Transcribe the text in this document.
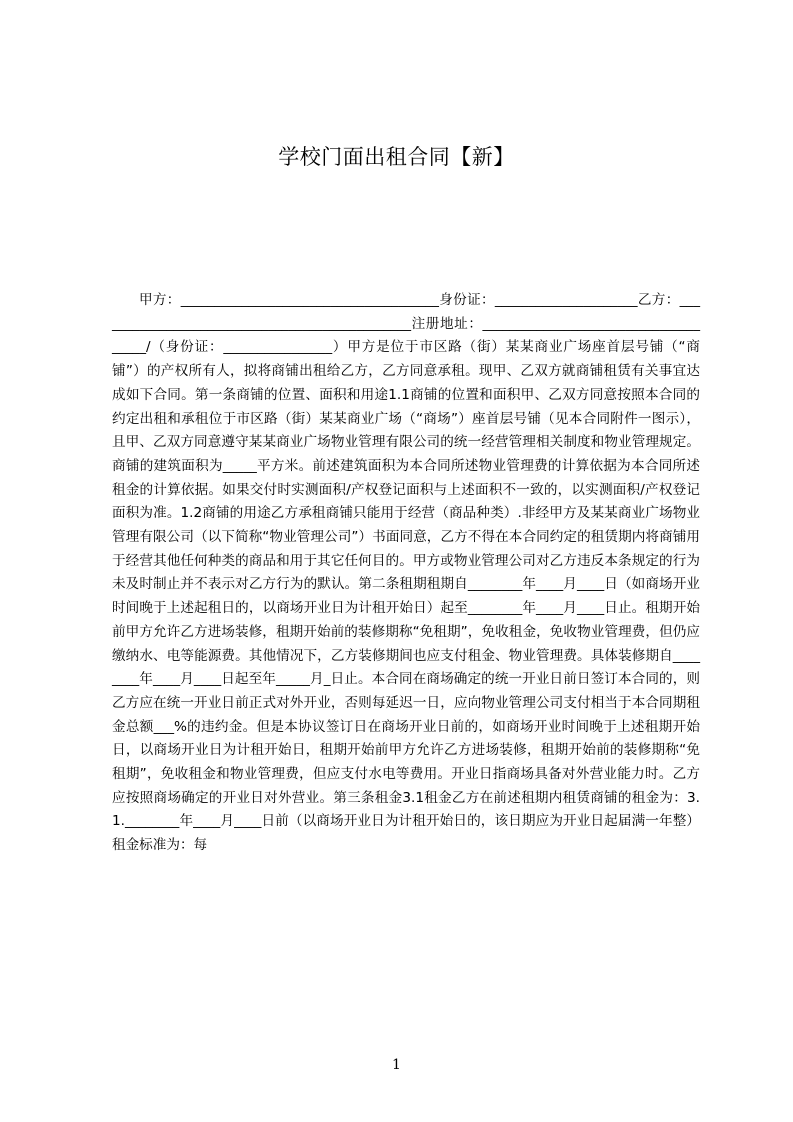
学校门面出租合同【新】

甲方：______________________________________身份证：_____________________乙方：_______________________________________________注册地址：_____________________________________/（身份证：________________）甲方是位于市区路（街）某某商业广场座首层号铺（“商铺”）的产权所有人，拟将商铺出租给乙方，乙方同意承租。现甲、乙双方就商铺租赁有关事宜达成如下合同。第一条商铺的位置、面积和用途1.1商铺的位置和面积甲、乙双方同意按照本合同的约定出租和承租位于市区路（街）某某商业广场（“商场”）座首层号铺（见本合同附件一图示），且甲、乙双方同意遵守某某商业广场物业管理有限公司的统一经营管理相关制度和物业管理规定。商铺的建筑面积为_____平方米。前述建筑面积为本合同所述物业管理费的计算依据为本合同所述租金的计算依据。如果交付时实测面积/产权登记面积与上述面积不一致的，以实测面积/产权登记面积为准。1.2商铺的用途乙方承租商铺只能用于经营（商品种类）.非经甲方及某某商业广场物业管理有限公司（以下简称“物业管理公司”）书面同意，乙方不得在本合同约定的租赁期内将商铺用于经营其他任何种类的商品和用于其它任何目的。甲方或物业管理公司对乙方违反本条规定的行为未及时制止并不表示对乙方行为的默认。第二条租期租期自________年____月____日（如商场开业时间晚于上述起租日的，以商场开业日为计租开始日）起至________年____月____日止。租期开始前甲方允许乙方进场装修，租期开始前的装修期称“免租期”，免收租金，免收物业管理费，但仍应缴纳水、电等能源费。其他情况下，乙方装修期间也应支付租金、物业管理费。具体装修期自________年____月____日起至年_____月_日止。本合同在商场确定的统一开业日前日签订本合同的，则乙方应在统一开业日前正式对外开业，否则每延迟一日，应向物业管理公司支付相当于本合同期租金总额___%的违约金。但是本协议签订日在商场开业日前的，如商场开业时间晚于上述租期开始日，以商场开业日为计租开始日，租期开始前甲方允许乙方进场装修，租期开始前的装修期称“免租期”，免收租金和物业管理费，但应支付水电等费用。开业日指商场具备对外营业能力时。乙方应按照商场确定的开业日对外营业。第三条租金3.1租金乙方在前述租期内租赁商铺的租金为：3.1.________年____月____日前（以商场开业日为计租开始日的，该日期应为开业日起届满一年整）租金标准为：每

1
